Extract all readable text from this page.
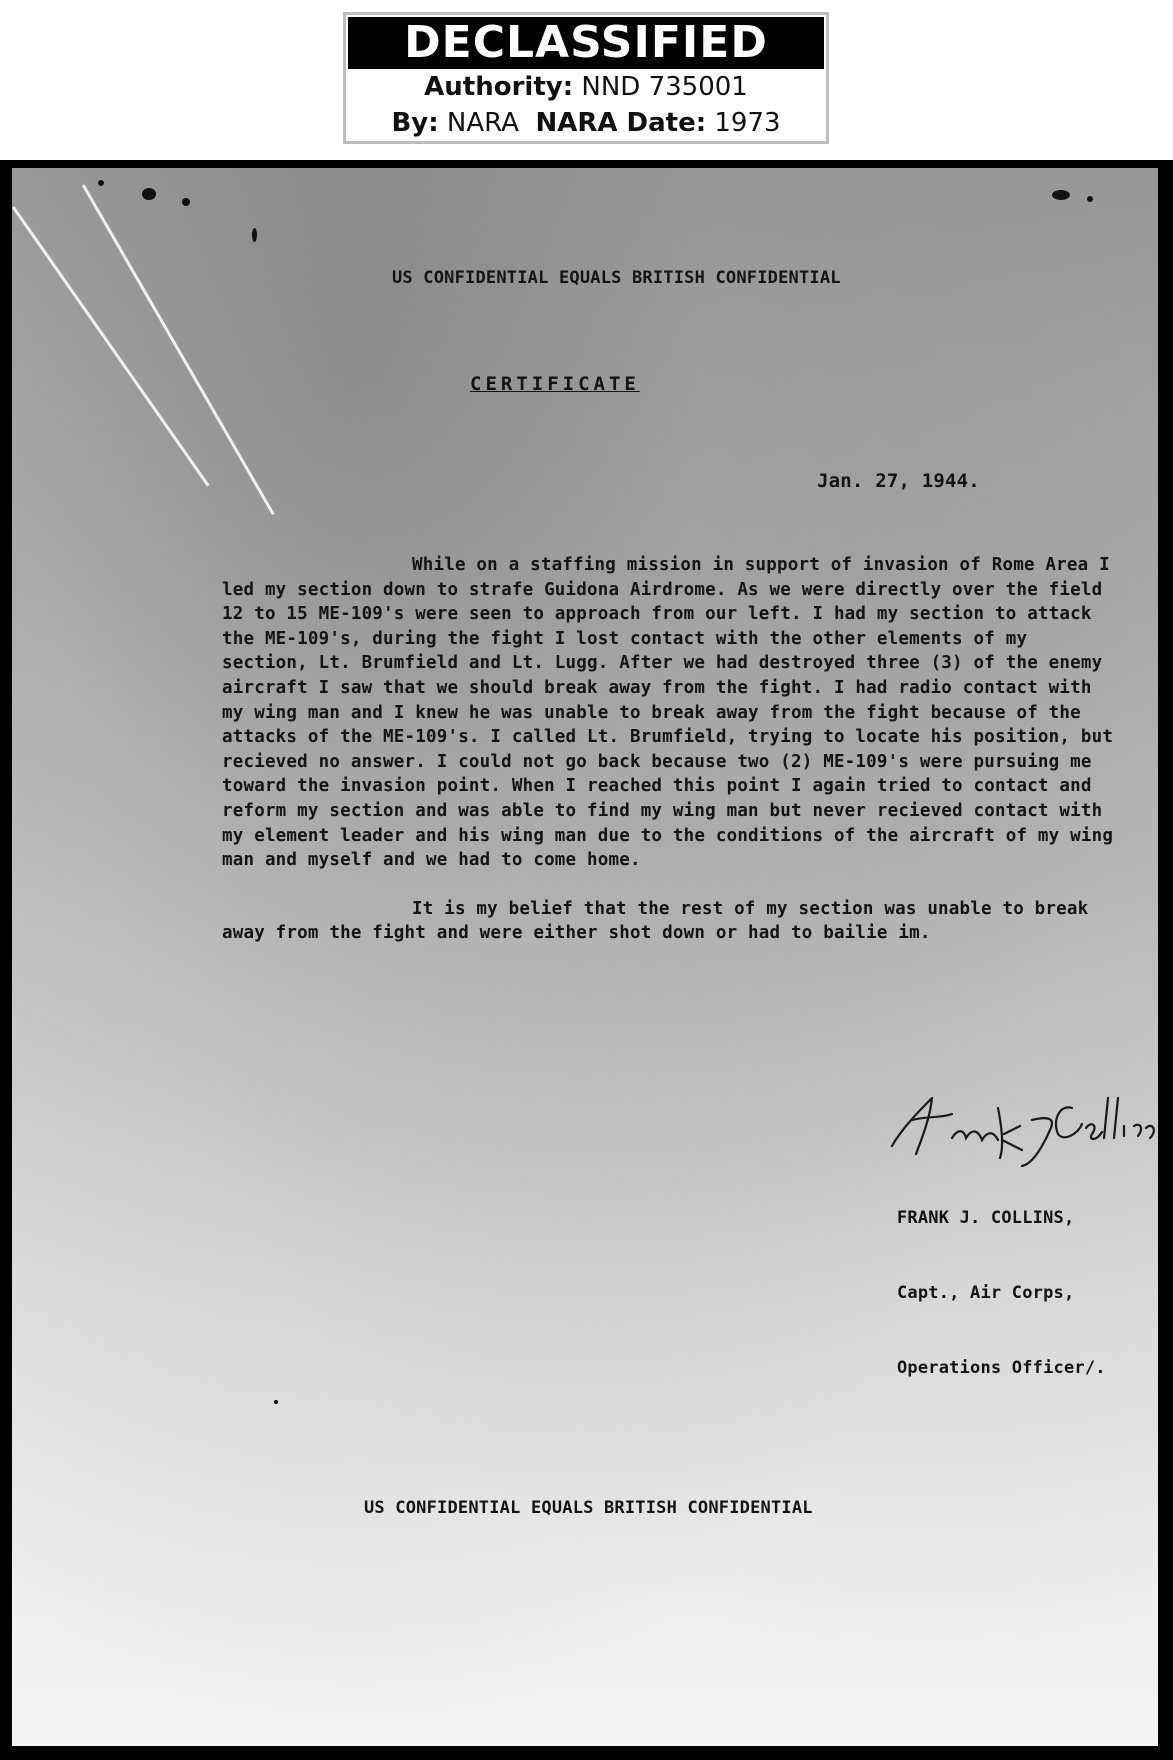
DECLASSIFIED
Authority: NND 735001
By: NARA NARA Date: 1973
US CONFIDENTIAL EQUALS BRITISH CONFIDENTIAL
CERTIFICATE
Jan. 27, 1944.

While on a staffing mission in support of invasion of Rome Area I led my section down to strafe Guidona Airdrome. As we were directly over the field 12 to 15 ME-109's were seen to approach from our left. I had my section to attack the ME-109's, during the fight I lost contact with the other elements of my section, Lt. Brumfield and Lt. Lugg. After we had destroyed three (3) of the enemy aircraft I saw that we should break away from the fight. I had radio contact with my wing man and I knew he was unable to break away from the fight because of the attacks of the ME-109's. I called Lt. Brumfield, trying to locate his position, but recieved no answer. I could not go back because two (2) ME-109's were pursuing me toward the invasion point. When I reached this point I again tried to contact and reform my section and was able to find my wing man but never recieved contact with my element leader and his wing man due to the conditions of the aircraft of my wing man and myself and we had to come home.

It is my belief that the rest of my section was unable to break away from the fight and were either shot down or had to bailie im.

FRANK J. COLLINS,

Capt., Air Corps,

Operations Officer/.

US CONFIDENTIAL EQUALS BRITISH CONFIDENTIAL
